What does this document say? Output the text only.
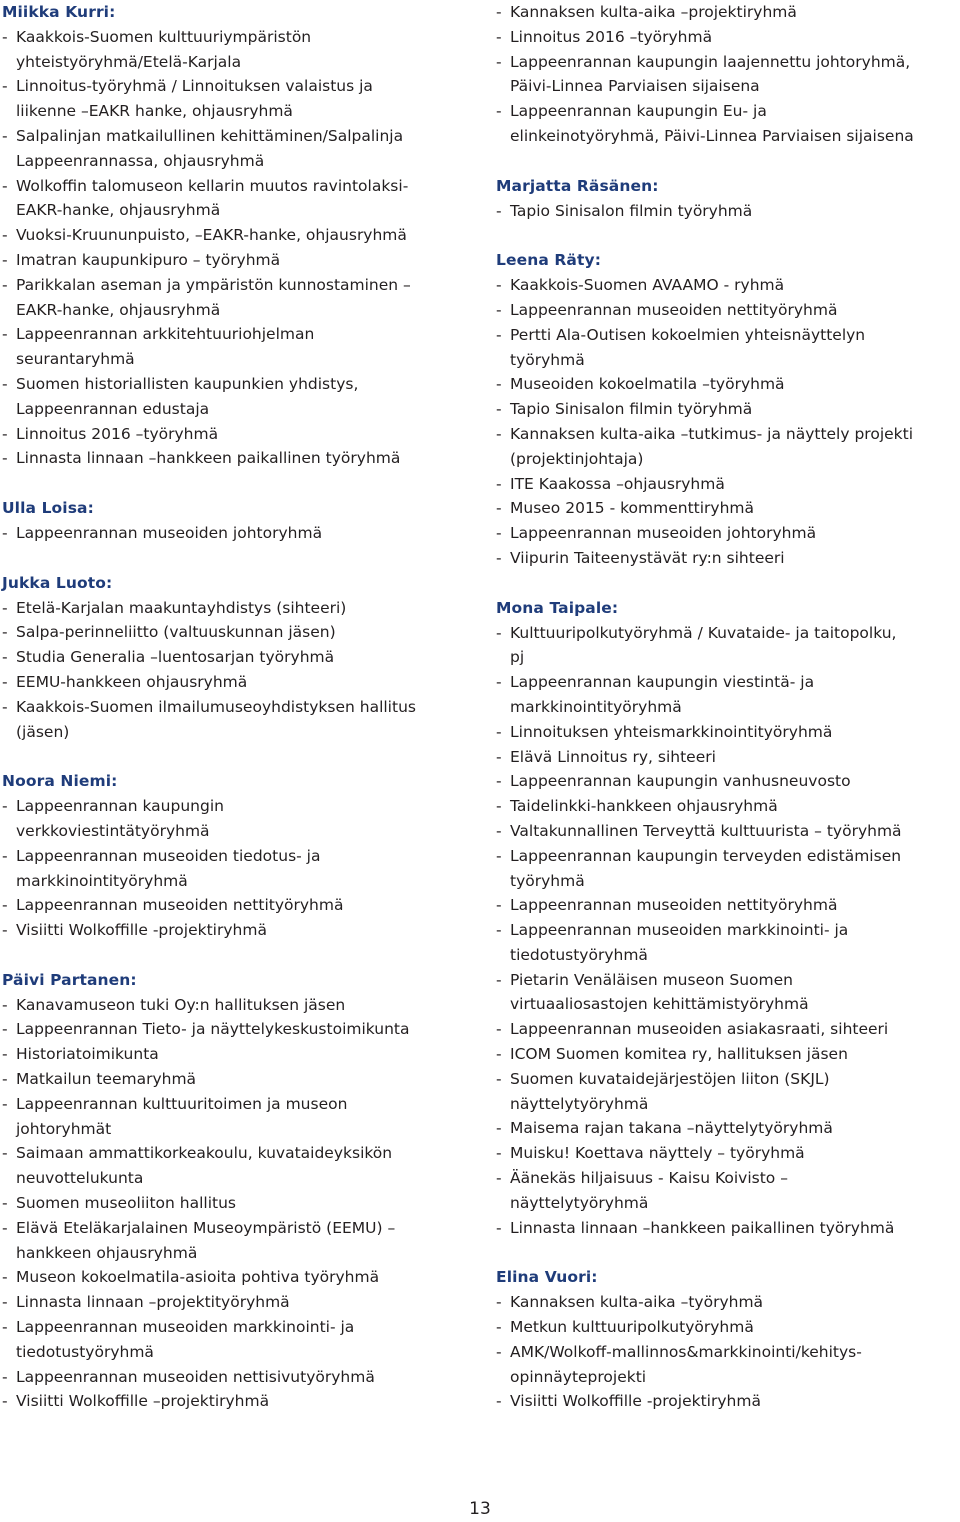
Miikka Kurri:
- Kaakkois-Suomen kulttuuriympäristön
yhteistyöryhmä/Etelä-Karjala
- Linnoitus-työryhmä / Linnoituksen valaistus ja
liikenne –EAKR hanke, ohjausryhmä
- Salpalinjan matkailullinen kehittäminen/Salpalinja
Lappeenrannassa, ohjausryhmä
- Wolkoffin talomuseon kellarin muutos ravintolaksi-
EAKR-hanke, ohjausryhmä
- Vuoksi-Kruununpuisto, –EAKR-hanke, ohjausryhmä
- Imatran kaupunkipuro – työryhmä
- Parikkalan aseman ja ympäristön kunnostaminen –
EAKR-hanke, ohjausryhmä
- Lappeenrannan arkkitehtuuriohjelman
seurantaryhmä
- Suomen historiallisten kaupunkien yhdistys,
Lappeenrannan edustaja
- Linnoitus 2016 –työryhmä
- Linnasta linnaan –hankkeen paikallinen työryhmä
Ulla Loisa:
- Lappeenrannan museoiden johtoryhmä
Jukka Luoto:
- Etelä-Karjalan maakuntayhdistys (sihteeri)
- Salpa-perinneliitto (valtuuskunnan jäsen)
- Studia Generalia –luentosarjan työryhmä
- EEMU-hankkeen ohjausryhmä
- Kaakkois-Suomen ilmailumuseoyhdistyksen hallitus
(jäsen)
Noora Niemi:
- Lappeenrannan kaupungin
verkkoviestintätyöryhmä
- Lappeenrannan museoiden tiedotus- ja
markkinointityöryhmä
- Lappeenrannan museoiden nettityöryhmä
- Visiitti Wolkoffille -projektiryhmä
Päivi Partanen:
- Kanavamuseon tuki Oy:n hallituksen jäsen
- Lappeenrannan Tieto- ja näyttelykeskustoimikunta
- Historiatoimikunta
- Matkailun teemaryhmä
- Lappeenrannan kulttuuritoimen ja museon
johtoryhmät
- Saimaan ammattikorkeakoulu, kuvataideyksikön
neuvottelukunta
- Suomen museoliiton hallitus
- Elävä Eteläkarjalainen Museoympäristö (EEMU) –
hankkeen ohjausryhmä
- Museon kokoelmatila-asioita pohtiva työryhmä
- Linnasta linnaan –projektityöryhmä
- Lappeenrannan museoiden markkinointi- ja
tiedotustyöryhmä
- Lappeenrannan museoiden nettisivutyöryhmä
- Visiitti Wolkoffille –projektiryhmä
- Kannaksen kulta-aika –projektiryhmä
- Linnoitus 2016 –työryhmä
- Lappeenrannan kaupungin laajennettu johtoryhmä,
Päivi-Linnea Parviaisen sijaisena
- Lappeenrannan kaupungin Eu- ja
elinkeinotyöryhmä, Päivi-Linnea Parviaisen sijaisena
Marjatta Räsänen:
- Tapio Sinisalon filmin työryhmä
Leena Räty:
- Kaakkois-Suomen AVAAMO - ryhmä
- Lappeenrannan museoiden nettityöryhmä
- Pertti Ala-Outisen kokoelmien yhteisnäyttelyn
työryhmä
- Museoiden kokoelmatila –työryhmä
- Tapio Sinisalon filmin työryhmä
- Kannaksen kulta-aika –tutkimus- ja näyttely projekti
(projektinjohtaja)
- ITE Kaakossa –ohjausryhmä
- Museo 2015 - kommenttiryhmä
- Lappeenrannan museoiden johtoryhmä
- Viipurin Taiteenystävät ry:n sihteeri
Mona Taipale:
- Kulttuuripolkutyöryhmä / Kuvataide- ja taitopolku,
pj
- Lappeenrannan kaupungin viestintä- ja
markkinointityöryhmä
- Linnoituksen yhteismarkkinointityöryhmä
- Elävä Linnoitus ry, sihteeri
- Lappeenrannan kaupungin vanhusneuvosto
- Taidelinkki-hankkeen ohjausryhmä
- Valtakunnallinen Terveyttä kulttuurista – työryhmä
- Lappeenrannan kaupungin terveyden edistämisen
työryhmä
- Lappeenrannan museoiden nettityöryhmä
- Lappeenrannan museoiden markkinointi- ja
tiedotustyöryhmä
- Pietarin Venäläisen museon Suomen
virtuaaliosastojen kehittämistyöryhmä
- Lappeenrannan museoiden asiakasraati, sihteeri
- ICOM Suomen komitea ry, hallituksen jäsen
- Suomen kuvataidejärjestöjen liiton (SKJL)
näyttelytyöryhmä
- Maisema rajan takana –näyttelytyöryhmä
- Muisku! Koettava näyttely – työryhmä
- Äänekäs hiljaisuus - Kaisu Koivisto –
näyttelytyöryhmä
- Linnasta linnaan –hankkeen paikallinen työryhmä
Elina Vuori:
- Kannaksen kulta-aika –työryhmä
- Metkun kulttuuripolkutyöryhmä
- AMK/Wolkoff-mallinnos&markkinointi/kehitys-
opinnäyteprojekti
- Visiitti Wolkoffille -projektiryhmä
13
